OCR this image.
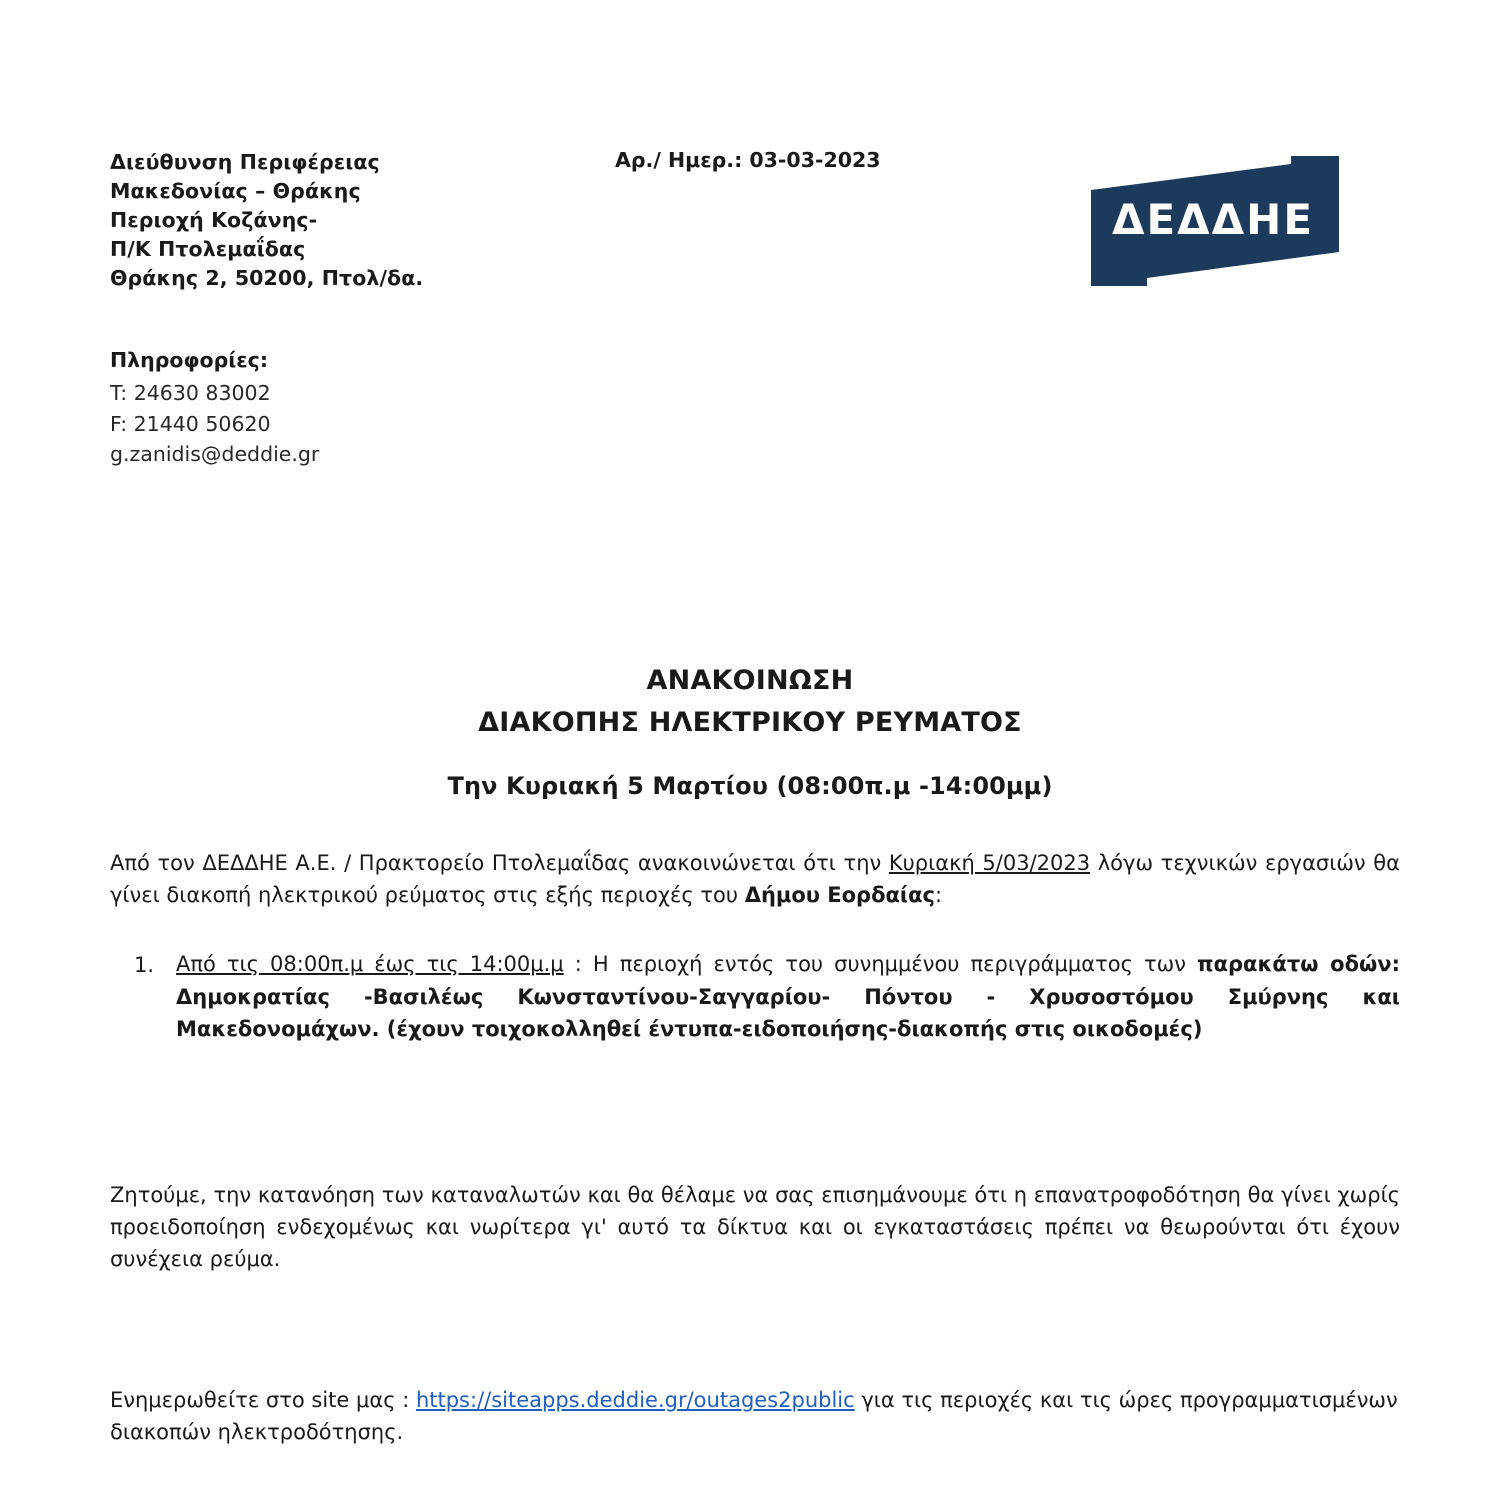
Διεύθυνση Περιφέρειας
Μακεδονίας – Θράκης
Περιοχή Κοζάνης-
Π/Κ Πτολεμαΐδας
Θράκης 2, 50200, Πτολ/δα.
Αρ./ Ημερ.: 03-03-2023
ΔΕΔΔΗΕ
Πληροφορίες:
T: 24630 83002
F: 21440 50620
g.zanidis@deddie.gr
ΑΝΑΚΟΙΝΩΣΗ
ΔΙΑΚΟΠΗΣ ΗΛΕΚΤΡΙΚΟΥ ΡΕΥΜΑΤΟΣ
Την Κυριακή 5 Μαρτίου (08:00π.μ -14:00μμ)
Από τον ΔΕΔΔΗΕ Α.Ε. / Πρακτορείο Πτολεμαΐδας ανακοινώνεται ότι την Κυριακή 5/03/2023 λόγω τεχνικών εργασιών θα γίνει διακοπή ηλεκτρικού ρεύματος στις εξής περιοχές του Δήμου Εορδαίας:
1. Από τις 08:00π.μ έως τις 14:00μ.μ : Η περιοχή εντός του συνημμένου περιγράμματος των παρακάτω οδών: Δημοκρατίας -Βασιλέως Κωνσταντίνου-Σαγγαρίου- Πόντου - Χρυσοστόμου Σμύρνης και Μακεδονομάχων. (έχουν τοιχοκολληθεί έντυπα-ειδοποιήσης-διακοπής στις οικοδομές)
Ζητούμε, την κατανόηση των καταναλωτών και θα θέλαμε να σας επισημάνουμε ότι η επανατροφοδότηση θα γίνει χωρίς προειδοποίηση ενδεχομένως και νωρίτερα γι' αυτό τα δίκτυα και οι εγκαταστάσεις πρέπει να θεωρούνται ότι έχουν συνέχεια ρεύμα.
Ενημερωθείτε στο site μας : https://siteapps.deddie.gr/outages2public για τις περιοχές και τις ώρες προγραμματισμένων διακοπών ηλεκτροδότησης.
